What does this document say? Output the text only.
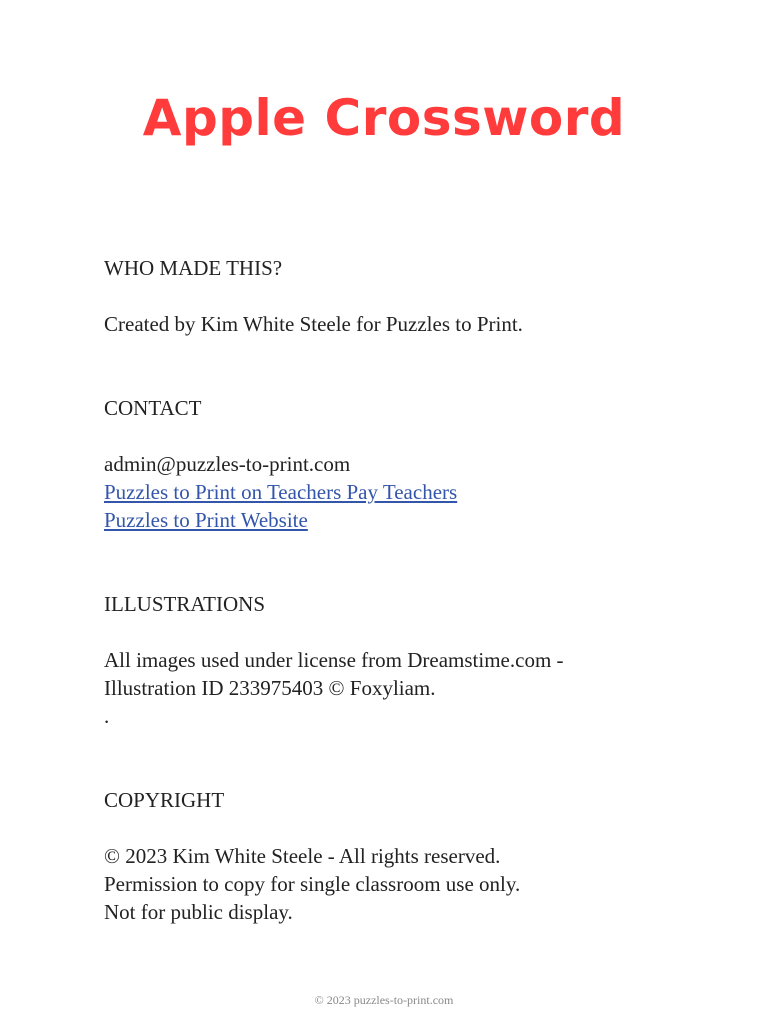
Apple Crossword

WHO MADE THIS?

Created by Kim White Steele for Puzzles to Print.

CONTACT

admin@puzzles-to-print.com
Puzzles to Print on Teachers Pay Teachers
Puzzles to Print Website

ILLUSTRATIONS

All images used under license from Dreamstime.com -
Illustration ID 233975403 © Foxyliam.
.

COPYRIGHT

© 2023 Kim White Steele - All rights reserved.
Permission to copy for single classroom use only.
Not for public display.
© 2023 puzzles-to-print.com
